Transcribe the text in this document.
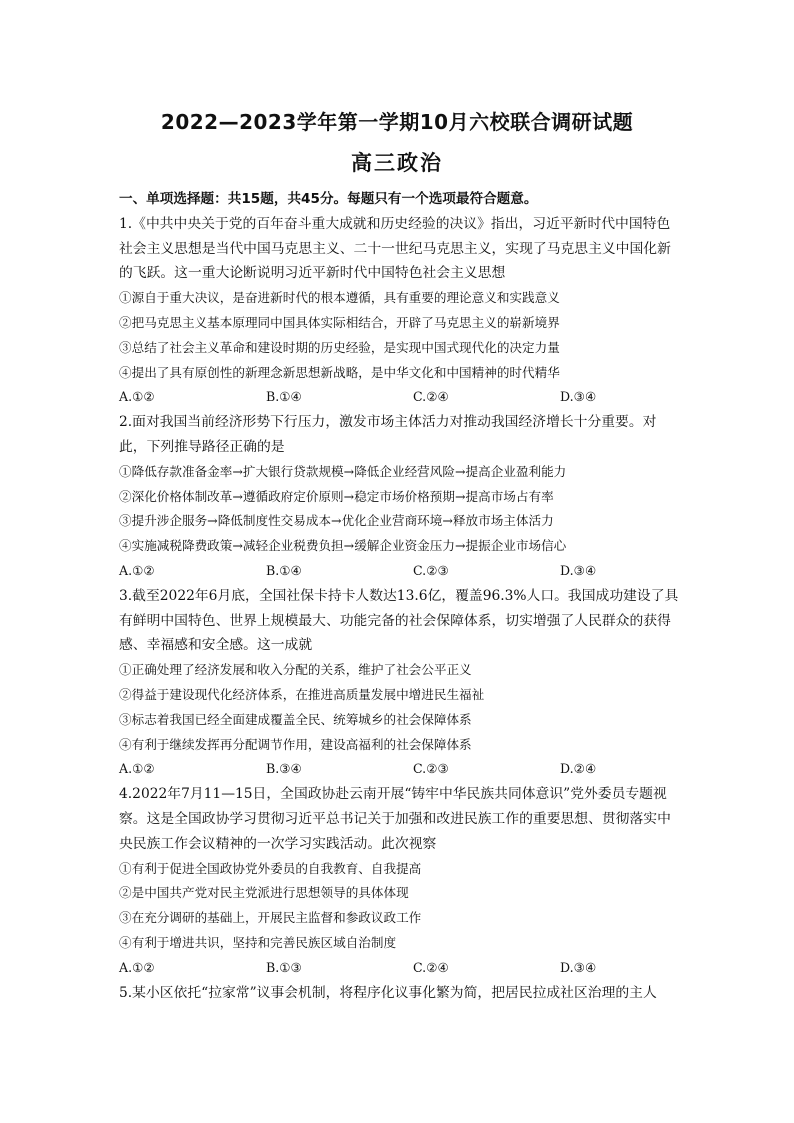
2022—2023学年第一学期10月六校联合调研试题
高三政治
一、单项选择题：共15题，共45分。每题只有一个选项最符合题意。
1.《中共中央关于党的百年奋斗重大成就和历史经验的决议》指出，习近平新时代中国特色社会主义思想是当代中国马克思主义、二十一世纪马克思主义，实现了马克思主义中国化新的飞跃。这一重大论断说明习近平新时代中国特色社会主义思想
①源自于重大决议，是奋进新时代的根本遵循，具有重要的理论意义和实践意义
②把马克思主义基本原理同中国具体实际相结合，开辟了马克思主义的崭新境界
③总结了社会主义革命和建设时期的历史经验，是实现中国式现代化的决定力量
④提出了具有原创性的新理念新思想新战略，是中华文化和中国精神的时代精华
A.①②	B.①④	C.②④	D.③④
2.面对我国当前经济形势下行压力，激发市场主体活力对推动我国经济增长十分重要。对此，下列推导路径正确的是
①降低存款准备金率→扩大银行贷款规模→降低企业经营风险→提高企业盈利能力
②深化价格体制改革→遵循政府定价原则→稳定市场价格预期→提高市场占有率
③提升涉企服务→降低制度性交易成本→优化企业营商环境→释放市场主体活力
④实施减税降费政策→减轻企业税费负担→缓解企业资金压力→提振企业市场信心
A.①②	B.①④	C.②③	D.③④
3.截至2022年6月底，全国社保卡持卡人数达13.6亿，覆盖96.3%人口。我国成功建设了具有鲜明中国特色、世界上规模最大、功能完备的社会保障体系，切实增强了人民群众的获得感、幸福感和安全感。这一成就
①正确处理了经济发展和收入分配的关系，维护了社会公平正义
②得益于建设现代化经济体系，在推进高质量发展中增进民生福祉
③标志着我国已经全面建成覆盖全民、统筹城乡的社会保障体系
④有利于继续发挥再分配调节作用，建设高福利的社会保障体系
A.①②	B.③④	C.②③	D.②④
4.2022年7月11—15日，全国政协赴云南开展“铸牢中华民族共同体意识”党外委员专题视察。这是全国政协学习贯彻习近平总书记关于加强和改进民族工作的重要思想、贯彻落实中央民族工作会议精神的一次学习实践活动。此次视察
①有利于促进全国政协党外委员的自我教育、自我提高
②是中国共产党对民主党派进行思想领导的具体体现
③在充分调研的基础上，开展民主监督和参政议政工作
④有利于增进共识，坚持和完善民族区域自治制度
A.①②	B.①③	C.②④	D.③④
5.某小区依托“拉家常”议事会机制，将程序化议事化繁为简，把居民拉成社区治理的主人
